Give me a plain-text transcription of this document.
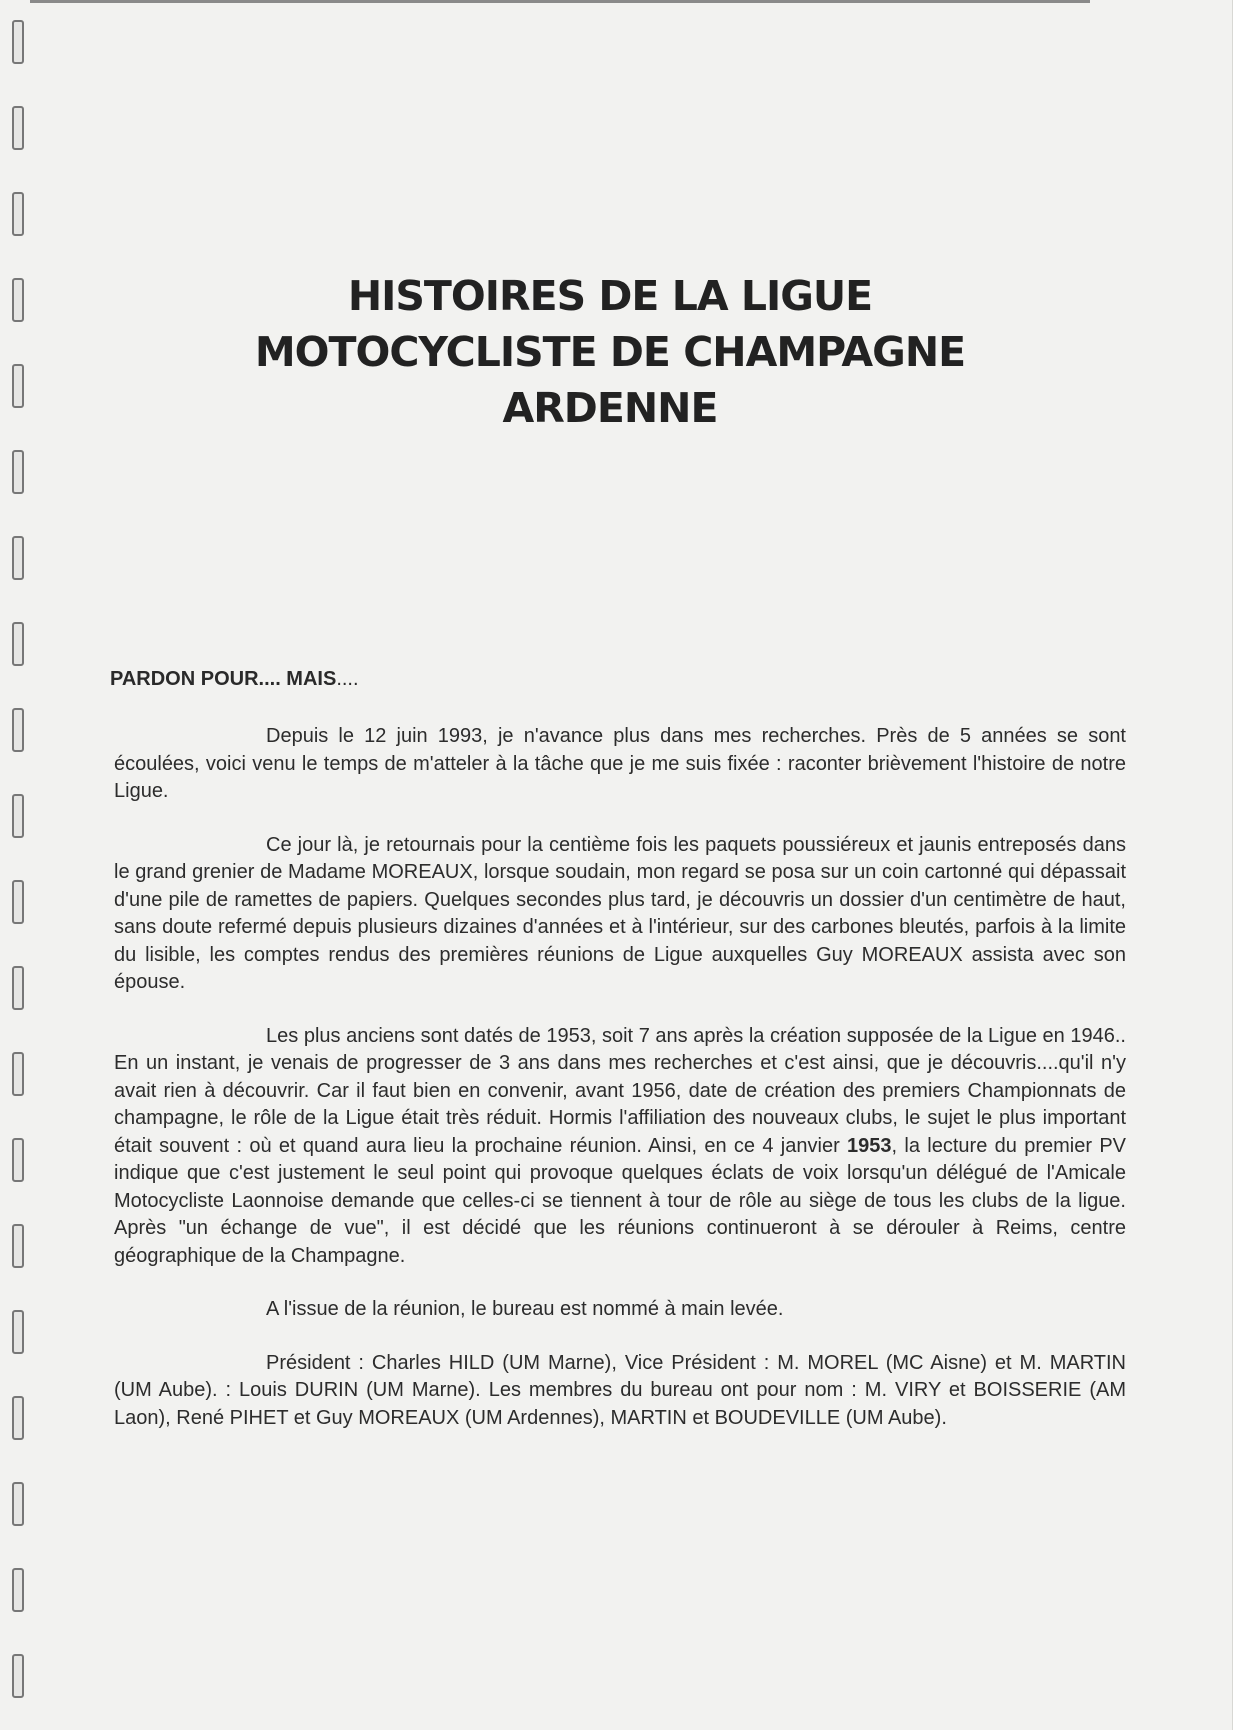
HISTOIRES DE LA LIGUE
MOTOCYCLISTE DE CHAMPAGNE
ARDENNE
PARDON POUR.... MAIS....

Depuis le 12 juin 1993, je n'avance plus dans mes recherches. Près de 5 années se sont écoulées, voici venu le temps de m'atteler à la tâche que je me suis fixée : raconter brièvement l'histoire de notre Ligue.

Ce jour là, je retournais pour la centième fois les paquets poussiéreux et jaunis entreposés dans le grand grenier de Madame MOREAUX, lorsque soudain, mon regard se posa sur un coin cartonné qui dépassait d'une pile de ramettes de papiers. Quelques secondes plus tard, je découvris un dossier d'un centimètre de haut, sans doute refermé depuis plusieurs dizaines d'années et à l'intérieur, sur des carbones bleutés, parfois à la limite du lisible, les comptes rendus des premières réunions de Ligue auxquelles Guy MOREAUX assista avec son épouse.

Les plus anciens sont datés de 1953, soit 7 ans après la création supposée de la Ligue en 1946.. En un instant, je venais de progresser de 3 ans dans mes recherches et c'est ainsi, que je découvris....qu'il n'y avait rien à découvrir. Car il faut bien en convenir, avant 1956, date de création des premiers Championnats de champagne, le rôle de la Ligue était très réduit. Hormis l'affiliation des nouveaux clubs, le sujet le plus important était souvent : où et quand aura lieu la prochaine réunion. Ainsi, en ce 4 janvier 1953, la lecture du premier PV indique que c'est justement le seul point qui provoque quelques éclats de voix lorsqu'un délégué de l'Amicale Motocycliste Laonnoise demande que celles-ci se tiennent à tour de rôle au siège de tous les clubs de la ligue. Après "un échange de vue", il est décidé que les réunions continueront à se dérouler à Reims, centre géographique de la Champagne.

A l'issue de la réunion, le bureau est nommé à main levée.

Président : Charles HILD (UM Marne), Vice Président : M. MOREL (MC Aisne) et M. MARTIN (UM Aube). : Louis DURIN (UM Marne). Les membres du bureau ont pour nom : M. VIRY et BOISSERIE (AM Laon), René PIHET et Guy MOREAUX (UM Ardennes), MARTIN et BOUDEVILLE (UM Aube).
